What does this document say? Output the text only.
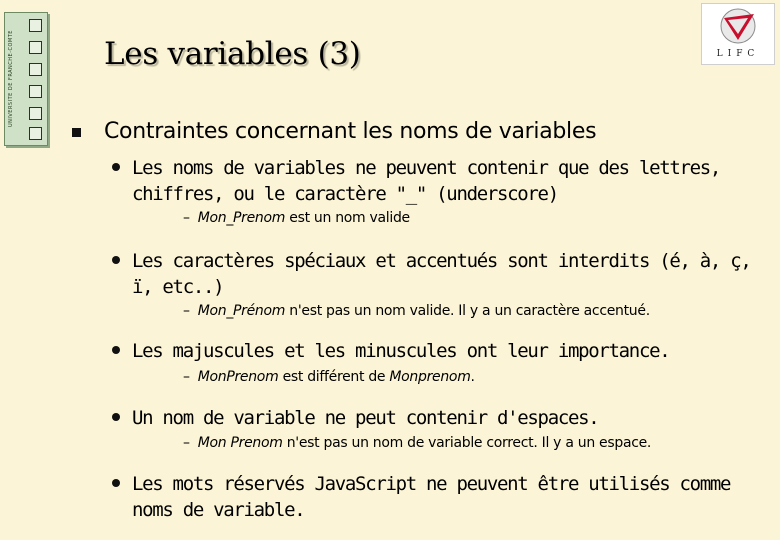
UNIVERSITE DE FRANCHE-COMTE	Les variables (3)	LIFC
Contraintes concernant les noms de variables
Les noms de variables ne peuvent contenir que des lettres, chiffres, ou le caractère "_" (underscore)
– Mon_Prenom est un nom valide
Les caractères spéciaux et accentués sont interdits (é, à, ç, ï, etc..)
– Mon_Prénom n'est pas un nom valide. Il y a un caractère accentué.
Les majuscules et les minuscules ont leur importance.
– MonPrenom est différent de Monprenom.
Un nom de variable ne peut contenir d'espaces.
– Mon Prenom n'est pas un nom de variable correct. Il y a un espace.
Les mots réservés JavaScript ne peuvent être utilisés comme noms de variable.
